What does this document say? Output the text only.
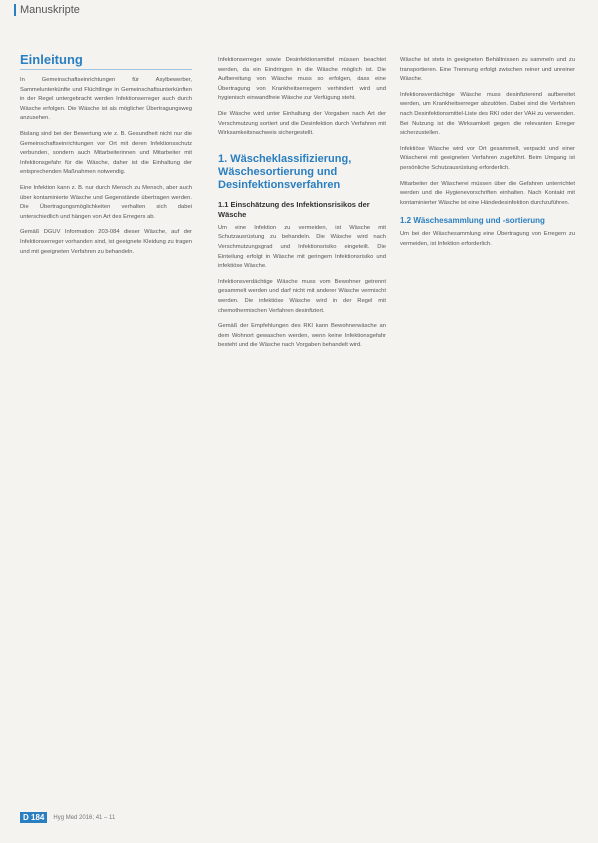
Manuskripte
Einleitung

In Gemeinschaftseinrichtungen für Asylbewerber, Sammelunterkünfte und Flüchtlinge in Gemeinschaftsunterkünften in der Regel untergebracht werden Infektionserreger auch durch Wäsche erfolgen. Die Wäsche ist als möglicher Übertragungsweg anzusehen.

Bislang sind bei der Bewertung wie z. B. Gesundheit nicht nur die Gemeinschaftseinrichtungen vor Ort mit deren Infektionsschutz verbunden, sondern auch Mitarbeiterinnen und Mitarbeiter mit Infektionsgefahr für die Wäsche, daher ist die Einhaltung der entsprechenden Maßnahmen notwendig.

Eine Infektion kann z. B. nur durch Mensch zu Mensch, aber auch über kontaminierte Wäsche und Gegenstände übertragen werden. Die Übertragungsmöglichkeiten verhalten sich dabei unterschiedlich und hängen von Art des Erregers ab.

Gemäß DGUV Information 203-084 dieser Wäsche, auf der Infektionserreger vorhanden sind, ist geeignete Kleidung zu tragen und mit geeigneten Verfahren zu behandeln.

Infektionserreger sowie Desinfektionsmittel müssen beachtet werden, da ein Eindringen in die Wäsche möglich ist. Die Aufbereitung von Wäsche muss so erfolgen, dass eine Übertragung von Krankheitserregern verhindert wird und hygienisch einwandfreie Wäsche zur Verfügung steht.

Die Wäsche wird unter Einhaltung der Vorgaben nach Art der Verschmutzung sortiert und die Desinfektion durch Verfahren mit Wirksamkeitsnachweis sichergestellt.

1. Wäscheklassifizierung, Wäschesortierung und Desinfektionsverfahren
1.1 Einschätzung des Infektionsrisikos der Wäsche

Um eine Infektion zu vermeiden, ist Wäsche mit Schutzausrüstung zu behandeln. Die Wäsche wird nach Verschmutzungsgrad und Infektionsrisiko eingeteilt. Die Einteilung erfolgt in Wäsche mit geringem Infektionsrisiko und infektiöse Wäsche.

Infektionsverdächtige Wäsche muss vom Bewohner getrennt gesammelt werden und darf nicht mit anderer Wäsche vermischt werden. Die infektiöse Wäsche wird in der Regel mit chemothermischen Verfahren desinfiziert.

Gemäß der Empfehlungen des RKI kann Bewohnerwäsche an dem Wohnort gewaschen werden, wenn keine Infektionsgefahr besteht und die Wäsche nach Vorgaben behandelt wird.

Wäsche ist stets in geeigneten Behältnissen zu sammeln und zu transportieren. Eine Trennung erfolgt zwischen reiner und unreiner Wäsche.

Infektionsverdächtige Wäsche muss desinfizierend aufbereitet werden, um Krankheitserreger abzutöten. Dabei sind die Verfahren nach Desinfektionsmittel-Liste des RKI oder der VAH zu verwenden. Bei Nutzung ist die Wirksamkeit gegen die relevanten Erreger sicherzustellen.

Infektiöse Wäsche wird vor Ort gesammelt, verpackt und einer Wäscherei mit geeigneten Verfahren zugeführt. Beim Umgang ist persönliche Schutzausrüstung erforderlich.

Mitarbeiter der Wäscherei müssen über die Gefahren unterrichtet werden und die Hygienevorschriften einhalten. Nach Kontakt mit kontaminierter Wäsche ist eine Händedesinfektion durchzuführen.

1.2 Wäschesammlung und -sortierung

Um bei der Wäschesammlung eine Übertragung von Erregern zu vermeiden, ist Infektion erforderlich.

D 184	Hyg Med 2016; 41 – 11
